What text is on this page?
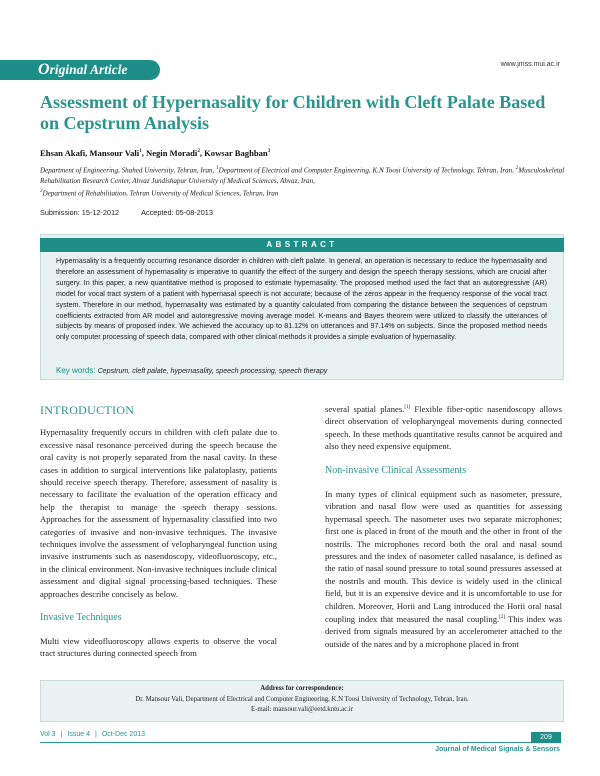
Original Article	www.jmss.mui.ac.ir
Assessment of Hypernasality for Children with Cleft Palate Based on Cepstrum Analysis
Ehsan Akafi, Mansour Vali$^1$, Negin Moradi$^2$, Kowsar Baghban$^3$
Department of Engineering, Shahed University, Tehran, Iran, $^1$Department of Electrical and Computer Engineering, K.N Toosi University of Technology, Tehran, Iran, $^2$Musculoskeletal Rehabilitation Research Center, Ahvaz Jundishapur University of Medical Sciences, Ahvaz, Iran,
$^3$Department of Rehabilitation, Tehran University of Medical Sciences, Tehran, Iran
Submission: 15-12-2012	Accepted: 05-08-2013
ABSTRACT
Hypernasality is a frequently occurring resonance disorder in children with cleft palate. In general, an operation is necessary to reduce the hypernasality and therefore an assessment of hypernasality is imperative to quantify the effect of the surgery and design the speech therapy sessions, which are crucial after surgery. In this paper, a new quantitative method is proposed to estimate hypernasality. The proposed method used the fact that an autoregressive (AR) model for vocal tract system of a patient with hypernasal speech is not accurate; because of the zeros appear in the frequency response of the vocal tract system. Therefore in our method, hypernasality was estimated by a quantity calculated from comparing the distance between the sequences of cepstrum coefficients extracted from AR model and autoregressive moving average model. K-means and Bayes theorem were utilized to classify the utterances of subjects by means of proposed index. We achieved the accuracy up to 81.12% on utterances and 97.14% on subjects. Since the proposed method needs only computer processing of speech data, compared with other clinical methods it provides a simple evaluation of hypernasality.
Key words: Cepstrum, cleft palate, hypernasality, speech processing, speech therapy
INTRODUCTION

Hypernasality frequently occurs in children with cleft palate due to excessive nasal resonance perceived during the speech because the oral cavity is not properly separated from the nasal cavity. In these cases in addition to surgical interventions like palatoplasty, patients should receive speech therapy. Therefore, assessment of nasality is necessary to facilitate the evaluation of the operation efficacy and help the therapist to manage the speech therapy sessions. Approaches for the assessment of hypernasality classified into two categories of invasive and non-invasive techniques. The invasive techniques involve the assessment of velopharyngeal function using invasive instruments such as nasendoscopy, videofluoroscopy, etc., in the clinical environment. Non-invasive techniques include clinical assessment and digital signal processing-based techniques. These approaches describe concisely as below.

Invasive Techniques

Multi view videofluoroscopy allows experts to observe the vocal tract structures during connected speech from

several spatial planes.[1] Flexible fiber-optic nasendoscopy allows direct observation of velopharyngeal movements during connected speech. In these methods quantitative results cannot be acquired and also they need expensive equipment.

Non-invasive Clinical Assessments

In many types of clinical equipment such as nasometer, pressure, vibration and nasal flow were used as quantities for assessing hypernasal speech. The nasometer uses two separate microphones; first one is placed in front of the mouth and the other in front of the nostrils. The microphones record both the oral and nasal sound pressures and the index of nasometer called nasalance, is defined as the ratio of nasal sound pressure to total sound pressures assessed at the nostrils and mouth. This device is widely used in the clinical field, but it is an expensive device and it is uncomfortable to use for children. Moreover, Horii and Lang introduced the Horii oral nasal coupling index that measured the nasal coupling.[2] This index was derived from signals measured by an accelerometer attached to the outside of the nares and by a microphone placed in front

Address for correspondence:
Dr. Mansour Vali, Department of Electrical and Computer Engineering, K.N Toosi University of Technology, Tehran, Iran.
E-mail: mansour.vali@eetd.kntu.ac.ir
Vol 3 | Issue 4 | Oct-Dec 2013	209
Journal of Medical Signals & Sensors
